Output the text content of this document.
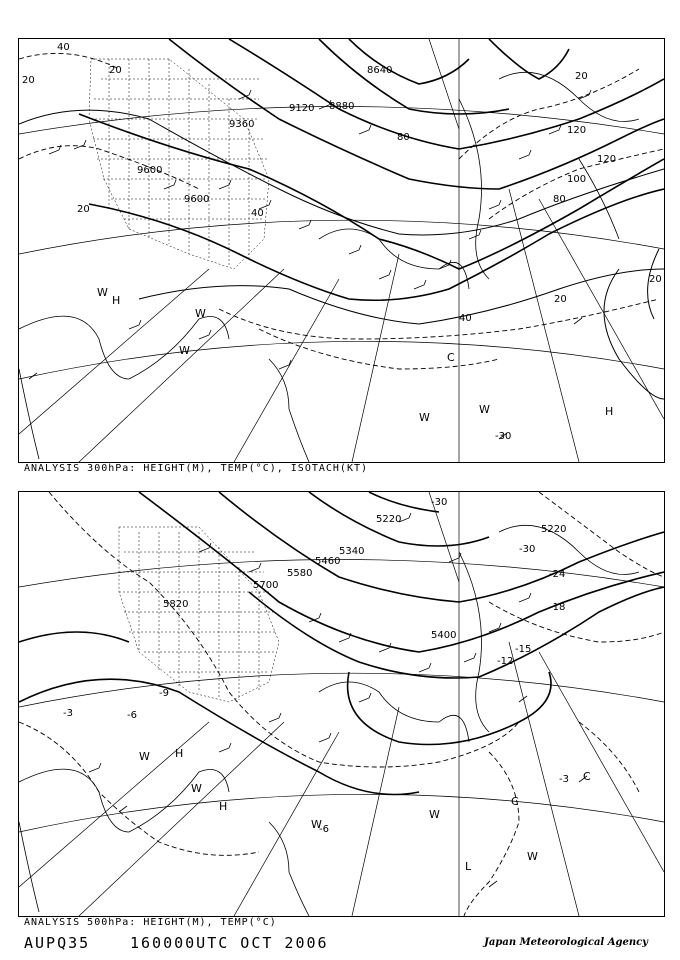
9600
9120 8880
8640
9360
9600
40
20
20
20	40
80
120
100
80
120
20
20
40
20
W
H
W
W
C
W
W	H
-30
ANALYSIS 300hPa: HEIGHT(M), TEMP(°C), ISOTACH(KT)
5220
5340
5460
5580
5700
5820
5220
5400
-30
-30
-24
-18
-15
-12
-9
-6
-3
-6
-3
W H
W
H
W
W
L
W
C
C
ANALYSIS 500hPa: HEIGHT(M), TEMP(°C)
AUPQ35	160000UTC OCT 2006	Japan Meteorological Agency
